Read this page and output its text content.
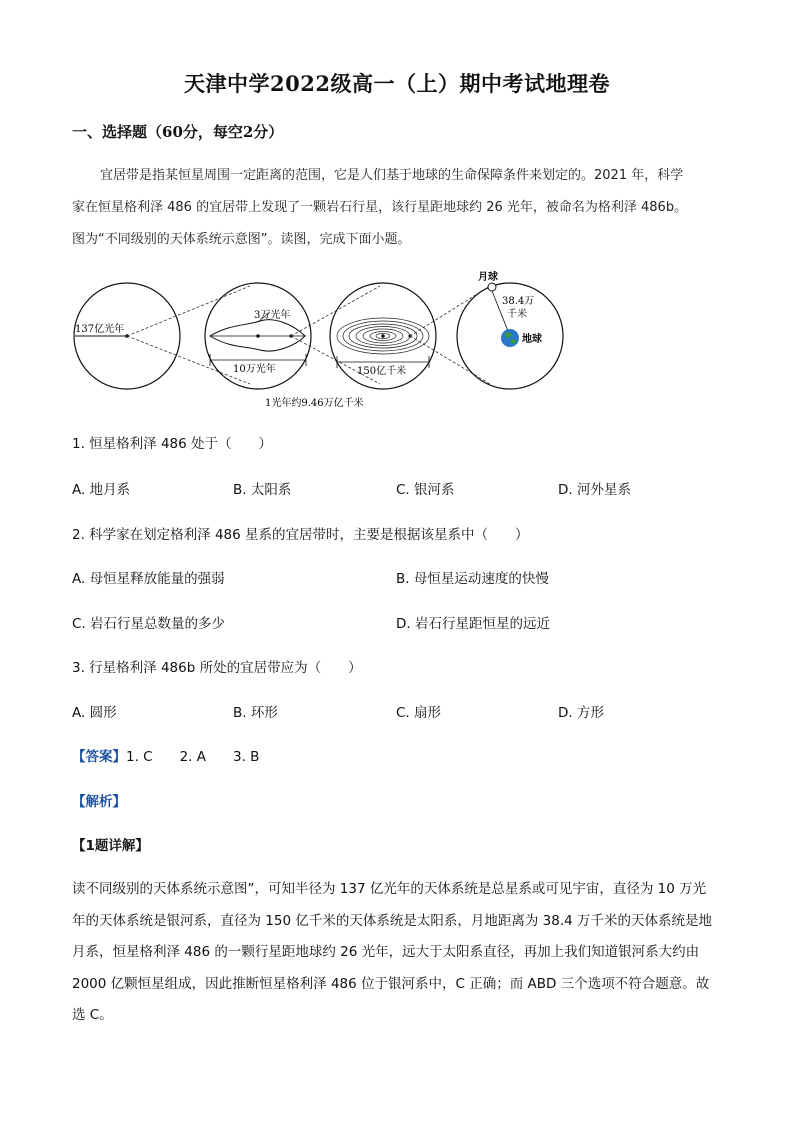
天津中学2022级高一（上）期中考试地理卷
一、选择题（60分，每空2分）

宜居带是指某恒星周围一定距离的范围，它是人们基于地球的生命保障条件来划定的。2021 年，科学

家在恒星格利泽 486 的宜居带上发现了一颗岩石行星，该行星距地球约 26 光年，被命名为格利泽 486b。

图为“不同级别的天体系统示意图”。读图，完成下面小题。

137亿光年
3万光年
10万光年	150亿千米
月球
38.4万
千米
地球
1光年约9.46万亿千米
1. 恒星格利泽 486 处于（　　）
A. 地月系	B. 太阳系	C. 银河系	D. 河外星系
2. 科学家在划定格利泽 486 星系的宜居带时，主要是根据该星系中（　　）
A. 母恒星释放能量的强弱	B. 母恒星运动速度的快慢
C. 岩石行星总数量的多少	D. 岩石行星距恒星的远近
3. 行星格利泽 486b 所处的宜居带应为（　　）
A. 圆形	B. 环形	C. 扇形	D. 方形
【答案】1. C　　2. A　　3. B
【解析】
【1题详解】

读不同级别的天体系统示意图”，可知半径为 137 亿光年的天体系统是总星系或可见宇宙，直径为 10 万光

年的天体系统是银河系，直径为 150 亿千米的天体系统是太阳系，月地距离为 38.4 万千米的天体系统是地

月系，恒星格利泽 486 的一颗行星距地球约 26 光年，远大于太阳系直径，再加上我们知道银河系大约由

2000 亿颗恒星组成，因此推断恒星格利泽 486 位于银河系中，C 正确；而 ABD 三个选项不符合题意。故

选 C。
